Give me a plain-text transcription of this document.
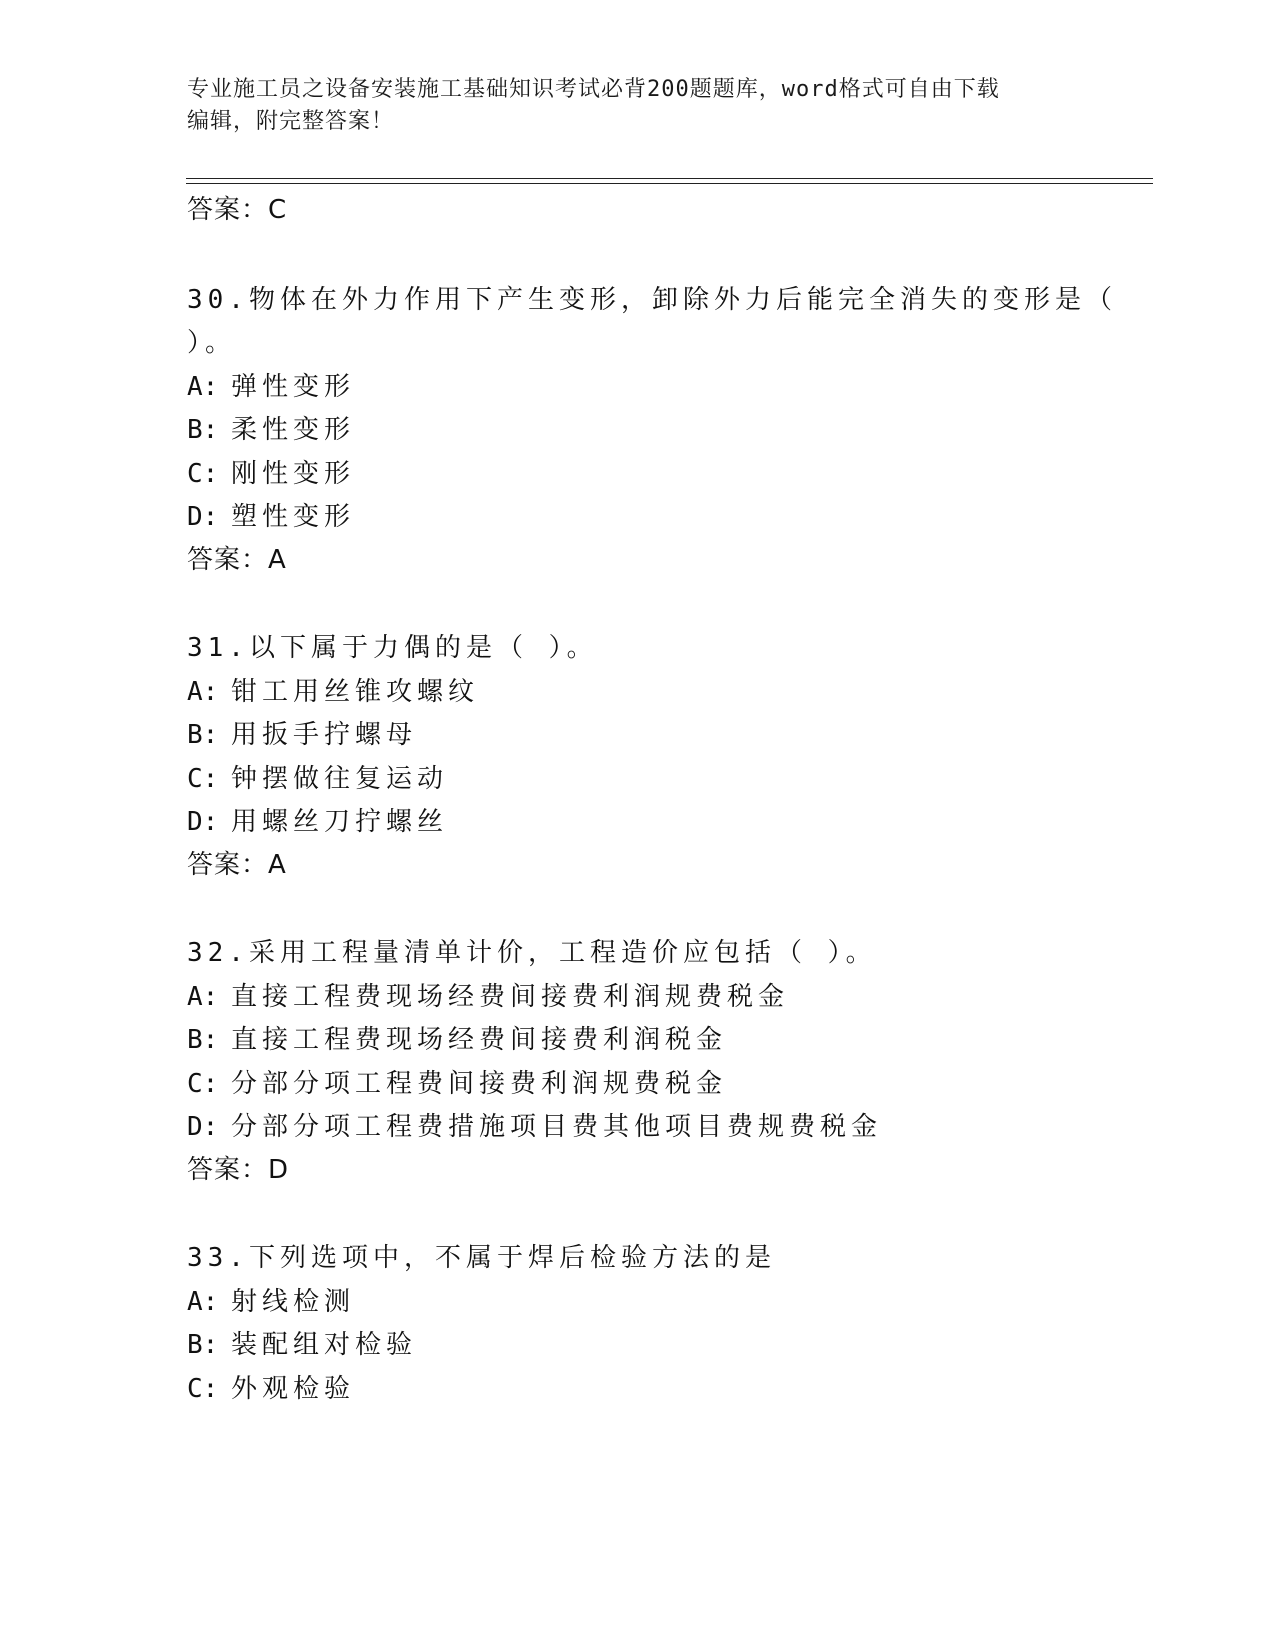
专业施工员之设备安装施工基础知识考试必背200题题库，word格式可自由下载
编辑，附完整答案！
答案：C
30.物体在外力作用下产生变形，卸除外力后能完全消失的变形是（
）。
A: 弹性变形
B: 柔性变形
C: 刚性变形
D: 塑性变形
答案：A
31.以下属于力偶的是（ ）。
A: 钳工用丝锥攻螺纹
B: 用扳手拧螺母
C: 钟摆做往复运动
D: 用螺丝刀拧螺丝
答案：A
32.采用工程量清单计价，工程造价应包括（ ）。
A: 直接工程费现场经费间接费利润规费税金
B: 直接工程费现场经费间接费利润税金
C: 分部分项工程费间接费利润规费税金
D: 分部分项工程费措施项目费其他项目费规费税金
答案：D
33.下列选项中，不属于焊后检验方法的是
A: 射线检测
B: 装配组对检验
C: 外观检验
